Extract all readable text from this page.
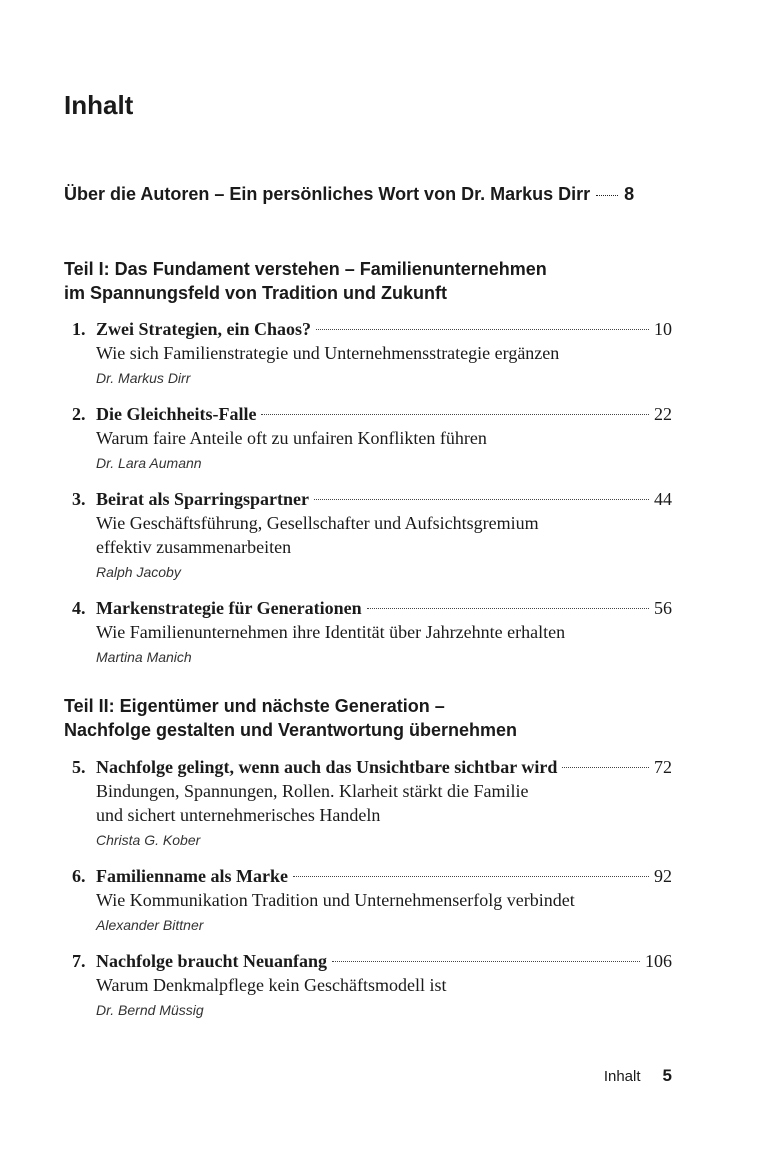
Inhalt
Über die Autoren – Ein persönliches Wort von Dr. Markus Dirr 8
Teil I: Das Fundament verstehen – Familienunternehmen
im Spannungsfeld von Tradition und Zukunft
1. Zwei Strategien, ein Chaos?	10
Wie sich Familienstrategie und Unternehmensstrategie ergänzen
Dr. Markus Dirr
2. Die Gleichheits-Falle	22
Warum faire Anteile oft zu unfairen Konflikten führen
Dr. Lara Aumann
3. Beirat als Sparringspartner	44
Wie Geschäftsführung, Gesellschafter und Aufsichtsgremium
effektiv zusammenarbeiten
Ralph Jacoby
4. Markenstrategie für Generationen	56
Wie Familienunternehmen ihre Identität über Jahrzehnte erhalten
Martina Manich
Teil II: Eigentümer und nächste Generation –
Nachfolge gestalten und Verantwortung übernehmen
5. Nachfolge gelingt, wenn auch das Unsichtbare sichtbar wird	72
Bindungen, Spannungen, Rollen. Klarheit stärkt die Familie
und sichert unternehmerisches Handeln
Christa G. Kober
6. Familienname als Marke	92
Wie Kommunikation Tradition und Unternehmenserfolg verbindet
Alexander Bittner
7. Nachfolge braucht Neuanfang	106
Warum Denkmalpflege kein Geschäftsmodell ist
Dr. Bernd Müssig
Inhalt 5
